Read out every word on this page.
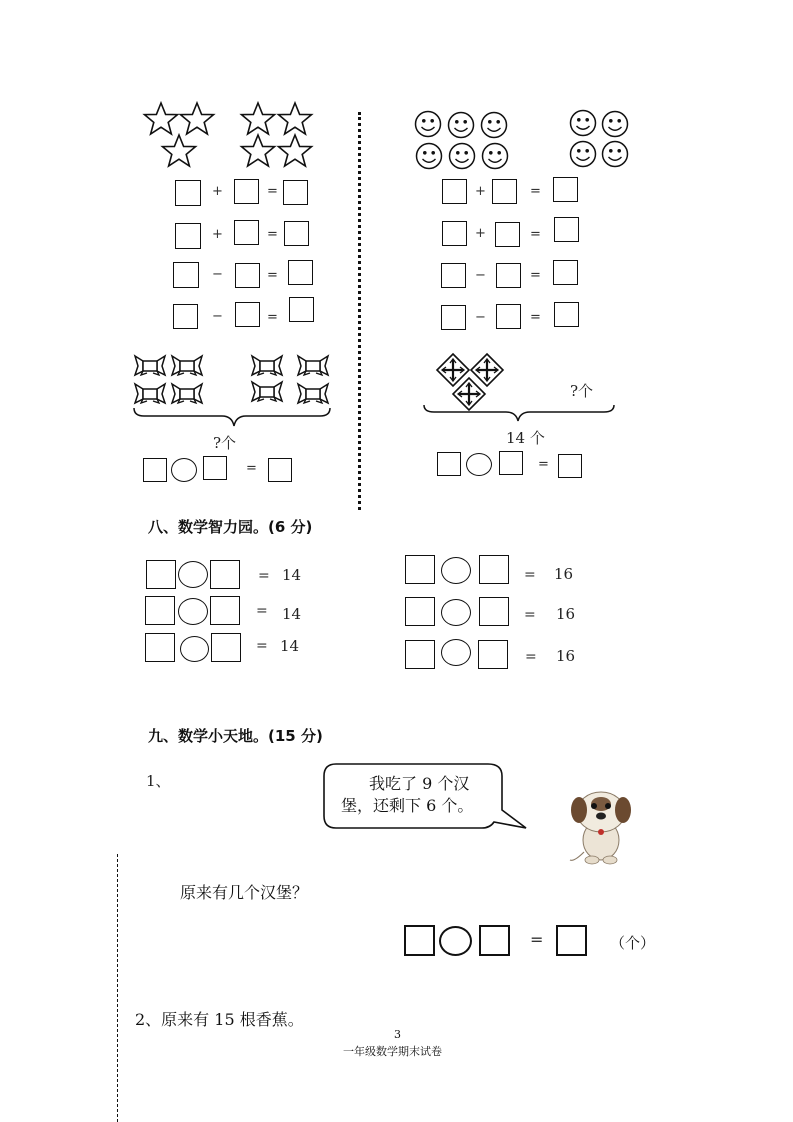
+	=
+	=
−	=
−	=
+	=
+	=
−	=
−	=
?个
=
?个
14 个
=
八、数学智力园。(6 分)
= 14
= 14
= 14
= 16
= 16
= 16
九、数学小天地。(15 分)
1、	我吃了 9 个汉
堡，还剩下 6 个。
原来有几个汉堡？
=	（个）
2、原来有 15 根香蕉。
3
一年级数学期末试卷
